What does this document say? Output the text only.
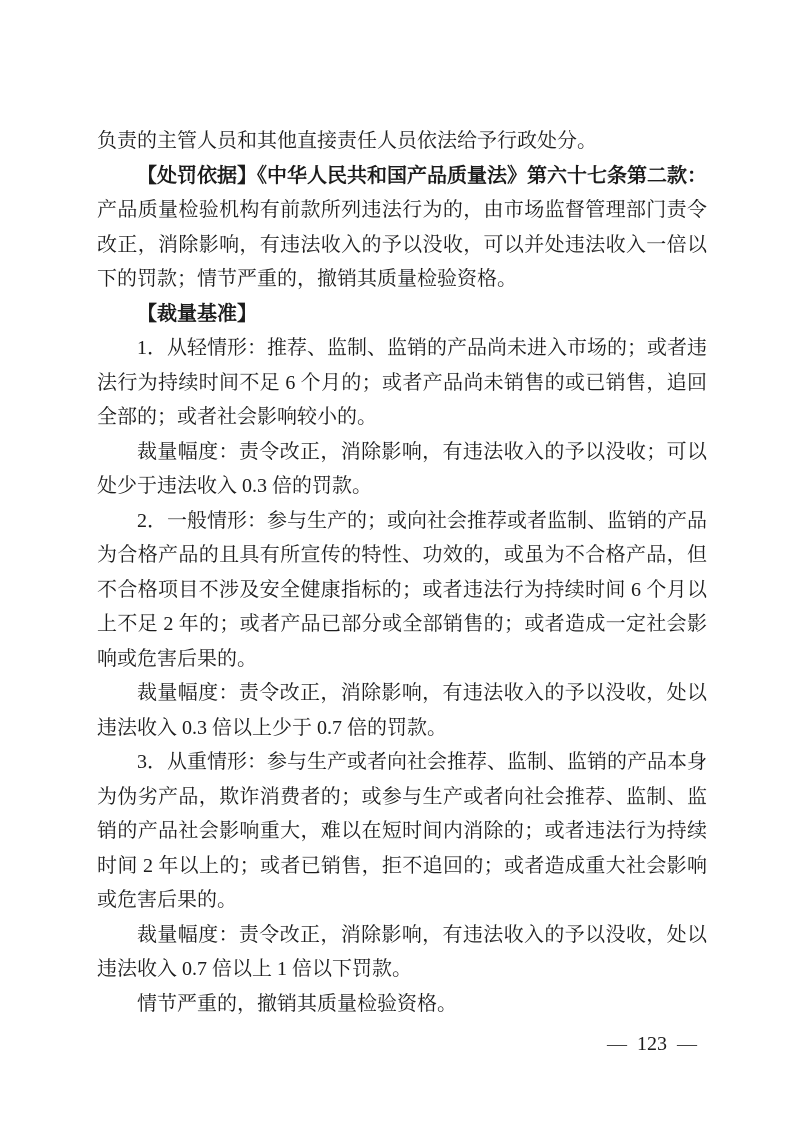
负责的主管人员和其他直接责任人员依法给予行政处分。

【处罚依据】《中华人民共和国产品质量法》第六十七条第二款：产品质量检验机构有前款所列违法行为的，由市场监督管理部门责令改正，消除影响，有违法收入的予以没收，可以并处违法收入一倍以下的罚款；情节严重的，撤销其质量检验资格。

【裁量基准】

1．从轻情形：推荐、监制、监销的产品尚未进入市场的；或者违法行为持续时间不足 6 个月的；或者产品尚未销售的或已销售，追回全部的；或者社会影响较小的。

裁量幅度：责令改正，消除影响，有违法收入的予以没收；可以处少于违法收入 0.3 倍的罚款。

2．一般情形：参与生产的；或向社会推荐或者监制、监销的产品为合格产品的且具有所宣传的特性、功效的，或虽为不合格产品，但不合格项目不涉及安全健康指标的；或者违法行为持续时间 6 个月以上不足 2 年的；或者产品已部分或全部销售的；或者造成一定社会影响或危害后果的。

裁量幅度：责令改正，消除影响，有违法收入的予以没收，处以违法收入 0.3 倍以上少于 0.7 倍的罚款。

3．从重情形：参与生产或者向社会推荐、监制、监销的产品本身为伪劣产品，欺诈消费者的；或参与生产或者向社会推荐、监制、监销的产品社会影响重大，难以在短时间内消除的；或者违法行为持续时间 2 年以上的；或者已销售，拒不追回的；或者造成重大社会影响或危害后果的。

裁量幅度：责令改正，消除影响，有违法收入的予以没收，处以违法收入 0.7 倍以上 1 倍以下罚款。

情节严重的，撤销其质量检验资格。

— 123 —
